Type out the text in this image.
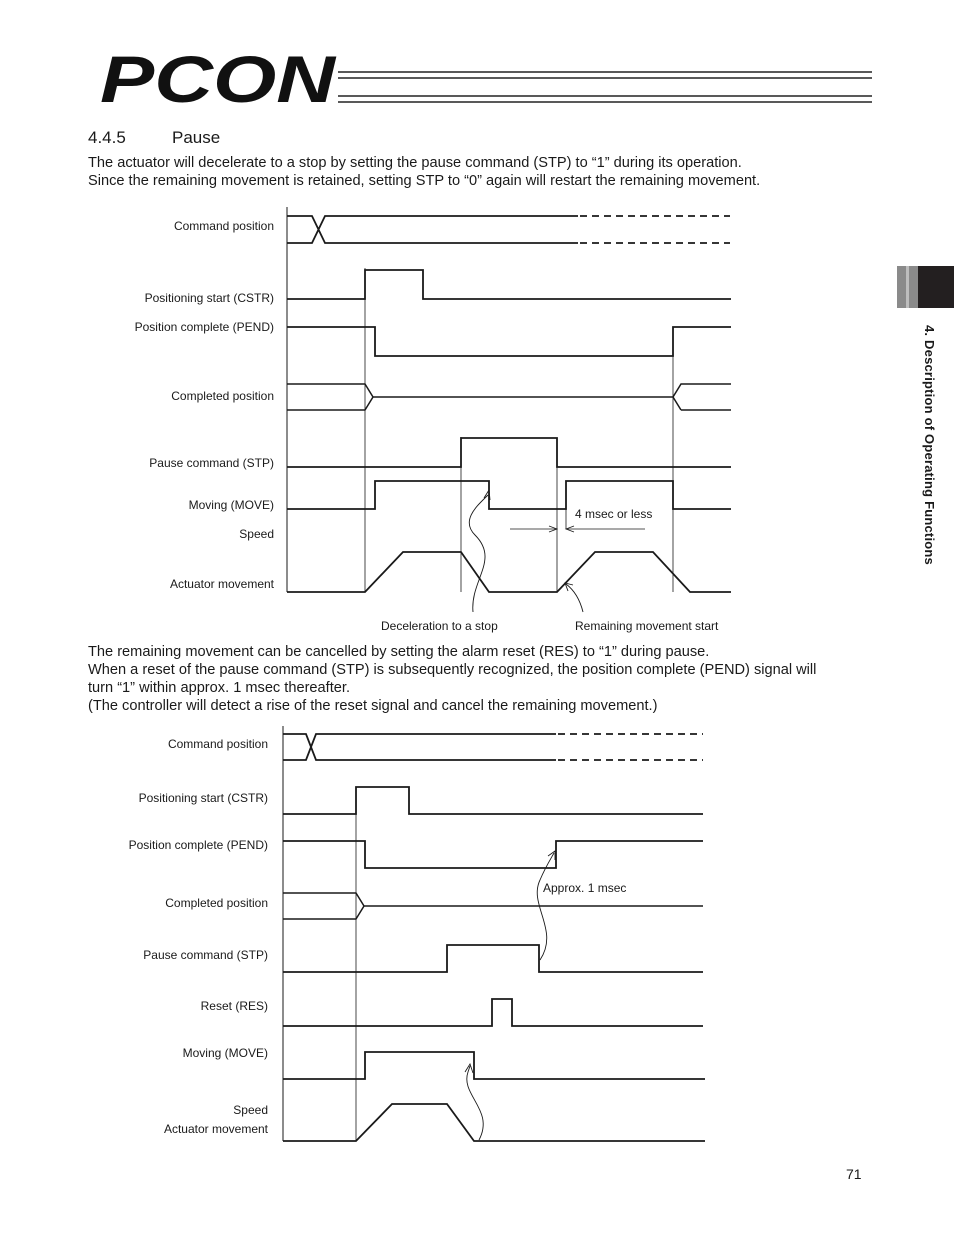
PCON
4.4.5	Pause
The actuator will decelerate to a stop by setting the pause command (STP) to “1” during its operation.
Since the remaining movement is retained, setting STP to “0” again will restart the remaining movement.
Command position
Positioning start (CSTR)
Position complete (PEND)
Completed position
Pause command (STP)
Moving (MOVE)
Speed
Actuator movement
4 msec or less
Deceleration to a stop	Remaining movement start
The remaining movement can be cancelled by setting the alarm reset (RES) to “1” during pause.
When a reset of the pause command (STP) is subsequently recognized, the position complete (PEND) signal will
turn “1” within approx. 1 msec thereafter.
(The controller will detect a rise of the reset signal and cancel the remaining movement.)
Command position
Positioning start (CSTR)
Position complete (PEND)
Completed position
Pause command (STP)
Reset (RES)
Moving (MOVE)
Speed
Actuator movement
Approx. 1 msec
4. Description of Operating Functions
71
